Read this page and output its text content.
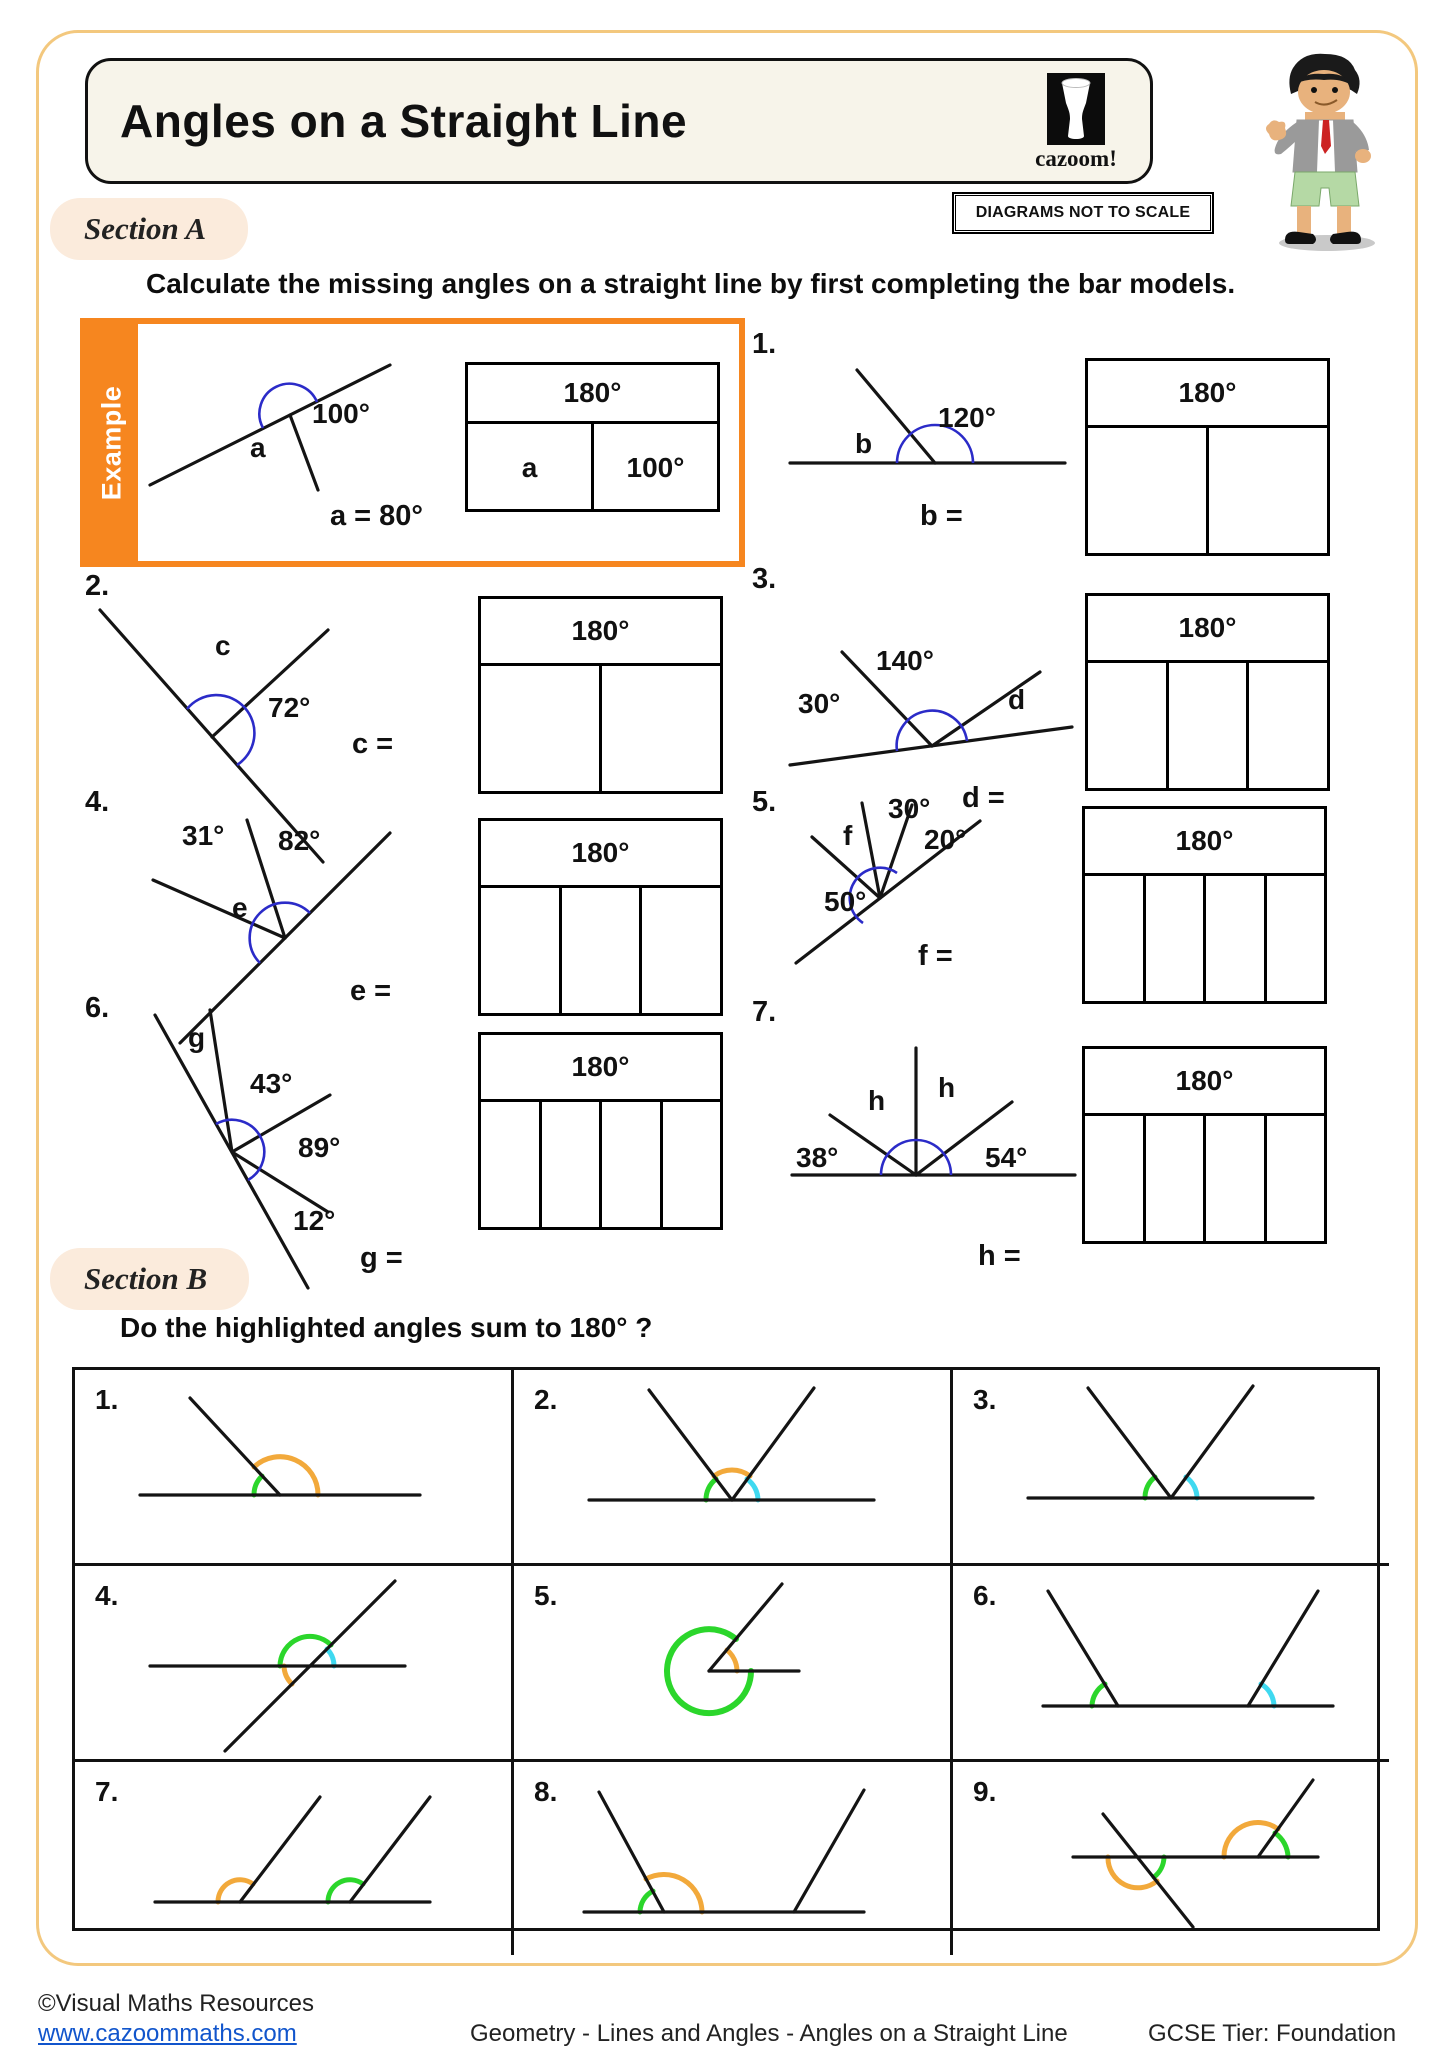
Angles on a Straight Line
cazoom!
DIAGRAMS NOT TO SCALE
Section A
Calculate the missing angles on a straight line by first completing the bar models.
Example	100°
a
a = 80°
180°
a	100°
1.
b
120°
b =
180°
2.
c
72°
c =
180°
3.
30°
140°
d
d =
180°
4.
31° 82°
e
e =
180°
5.
f
30°
20°
50°
f =
180°
6.
g
43°
89°
12°
g =
180°
7.
h h
38°	54°
h =
180°
Section B
Do the highlighted angles sum to 180° ?
1.	2.	3.
4.	5.	6.
7.	8.	9.
©Visual Maths Resources
www.cazoommaths.com	Geometry - Lines and Angles - Angles on a Straight Line	GCSE Tier: Foundation
